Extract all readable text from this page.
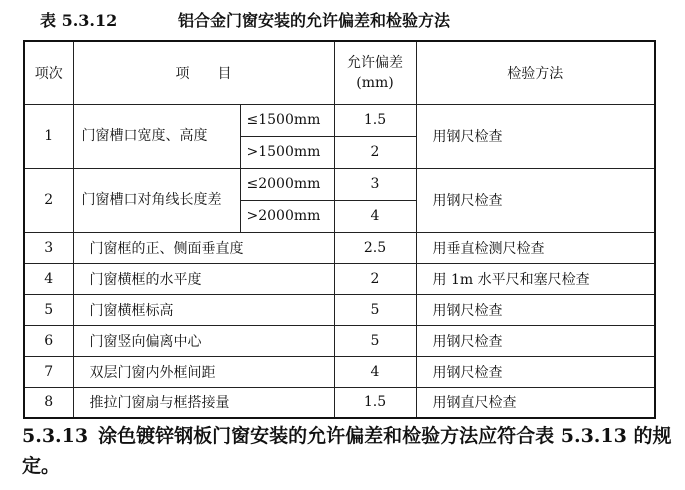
表 5.3.12	铝合金门窗安装的允许偏差和检验方法
项次	项　　目		允许偏差 (mm)	检验方法
1	门窗槽口宽度、高度	≤1500mm	1.5	用钢尺检查
		>1500mm	2	
2	门窗槽口对角线长度差	≤2000mm	3	用钢尺检查
		>2000mm	4	
3	门窗框的正、侧面垂直度		2.5	用垂直检测尺检查
4	门窗横框的水平度		2	用 1m 水平尺和塞尺检查
5	门窗横框标高		5	用钢尺检查
6	门窗竖向偏离中心		5	用钢尺检查
7	双层门窗内外框间距		4	用钢尺检查
8	推拉门窗扇与框搭接量		1.5	用钢直尺检查
5.3.13 涂色镀锌钢板门窗安装的允许偏差和检验方法应符合表 5.3.13 的规定。
